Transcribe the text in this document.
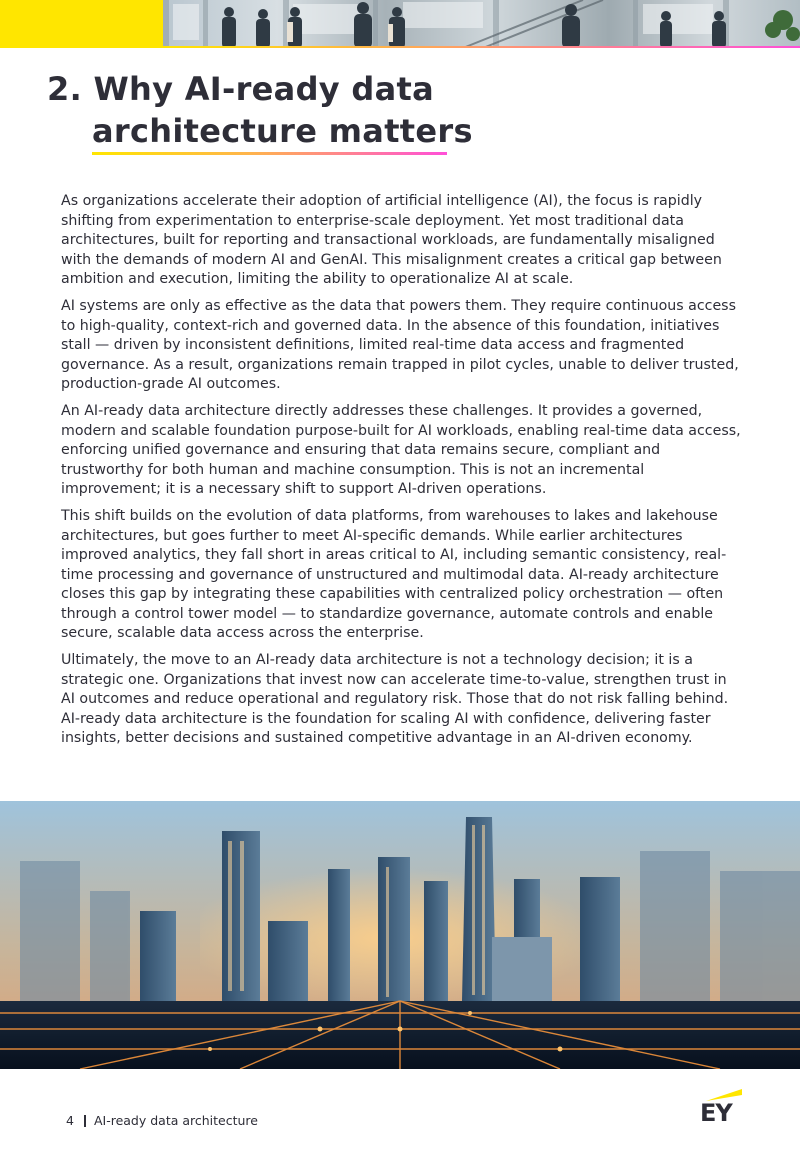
2. Why AI-ready data
architecture matters

As organizations accelerate their adoption of artificial intelligence (AI), the focus is rapidly shifting from experimentation to enterprise-scale deployment. Yet most traditional data architectures, built for reporting and transactional workloads, are fundamentally misaligned with the demands of modern AI and GenAI. This misalignment creates a critical gap between ambition and execution, limiting the ability to operationalize AI at scale.

AI systems are only as effective as the data that powers them. They require continuous access to high-quality, context-rich and governed data. In the absence of this foundation, initiatives stall — driven by inconsistent definitions, limited real-time data access and fragmented governance. As a result, organizations remain trapped in pilot cycles, unable to deliver trusted, production-grade AI outcomes.

An AI-ready data architecture directly addresses these challenges. It provides a governed, modern and scalable foundation purpose-built for AI workloads, enabling real-time data access, enforcing unified governance and ensuring that data remains secure, compliant and trustworthy for both human and machine consumption. This is not an incremental improvement; it is a necessary shift to support AI-driven operations.

This shift builds on the evolution of data platforms, from warehouses to lakes and lakehouse architectures, but goes further to meet AI-specific demands. While earlier architectures improved analytics, they fall short in areas critical to AI, including semantic consistency, real-time processing and governance of unstructured and multimodal data. AI-ready architecture closes this gap by integrating these capabilities with centralized policy orchestration — often through a control tower model — to standardize governance, automate controls and enable secure, scalable data access across the enterprise.

Ultimately, the move to an AI-ready data architecture is not a technology decision; it is a strategic one. Organizations that invest now can accelerate time-to-value, strengthen trust in AI outcomes and reduce operational and regulatory risk. Those that do not risk falling behind. AI-ready data architecture is the foundation for scaling AI with confidence, delivering faster insights, better decisions and sustained competitive advantage in an AI-driven economy.

4 AI-ready data architecture	EY
